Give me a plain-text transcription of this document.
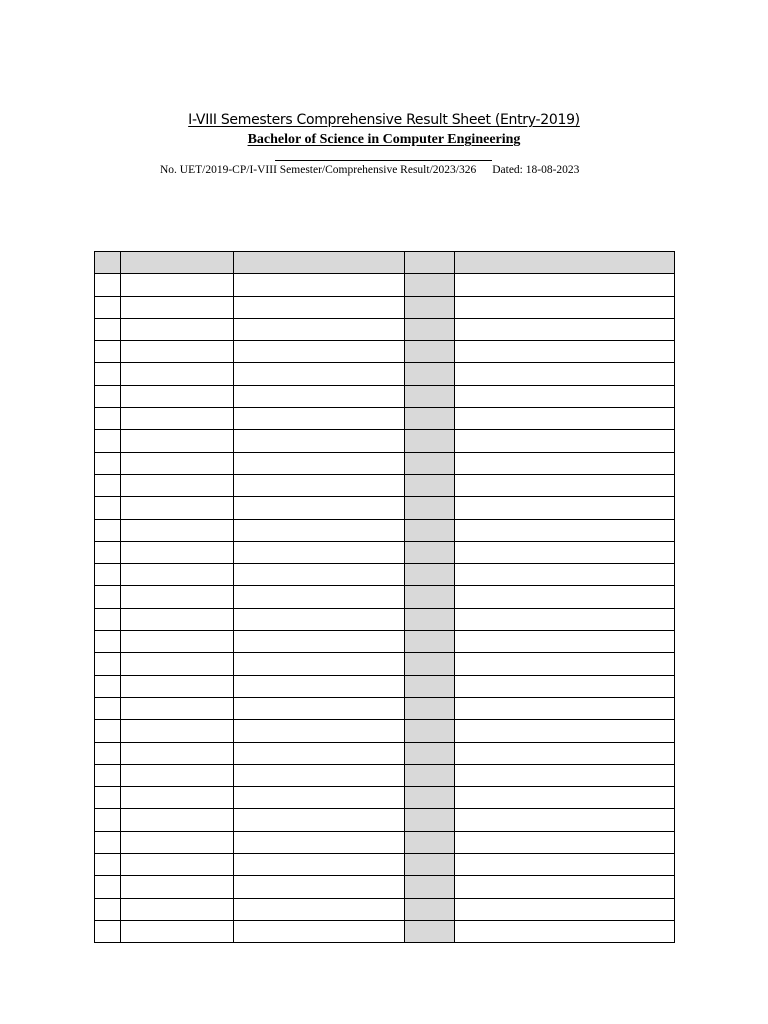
I-VIII Semesters Comprehensive Result Sheet (Entry-2019)
Bachelor of Science in Computer Engineering
No. UET/2019-CP/I-VIII Semester/Comprehensive Result/2023/326 Dated: 18-08-2023
